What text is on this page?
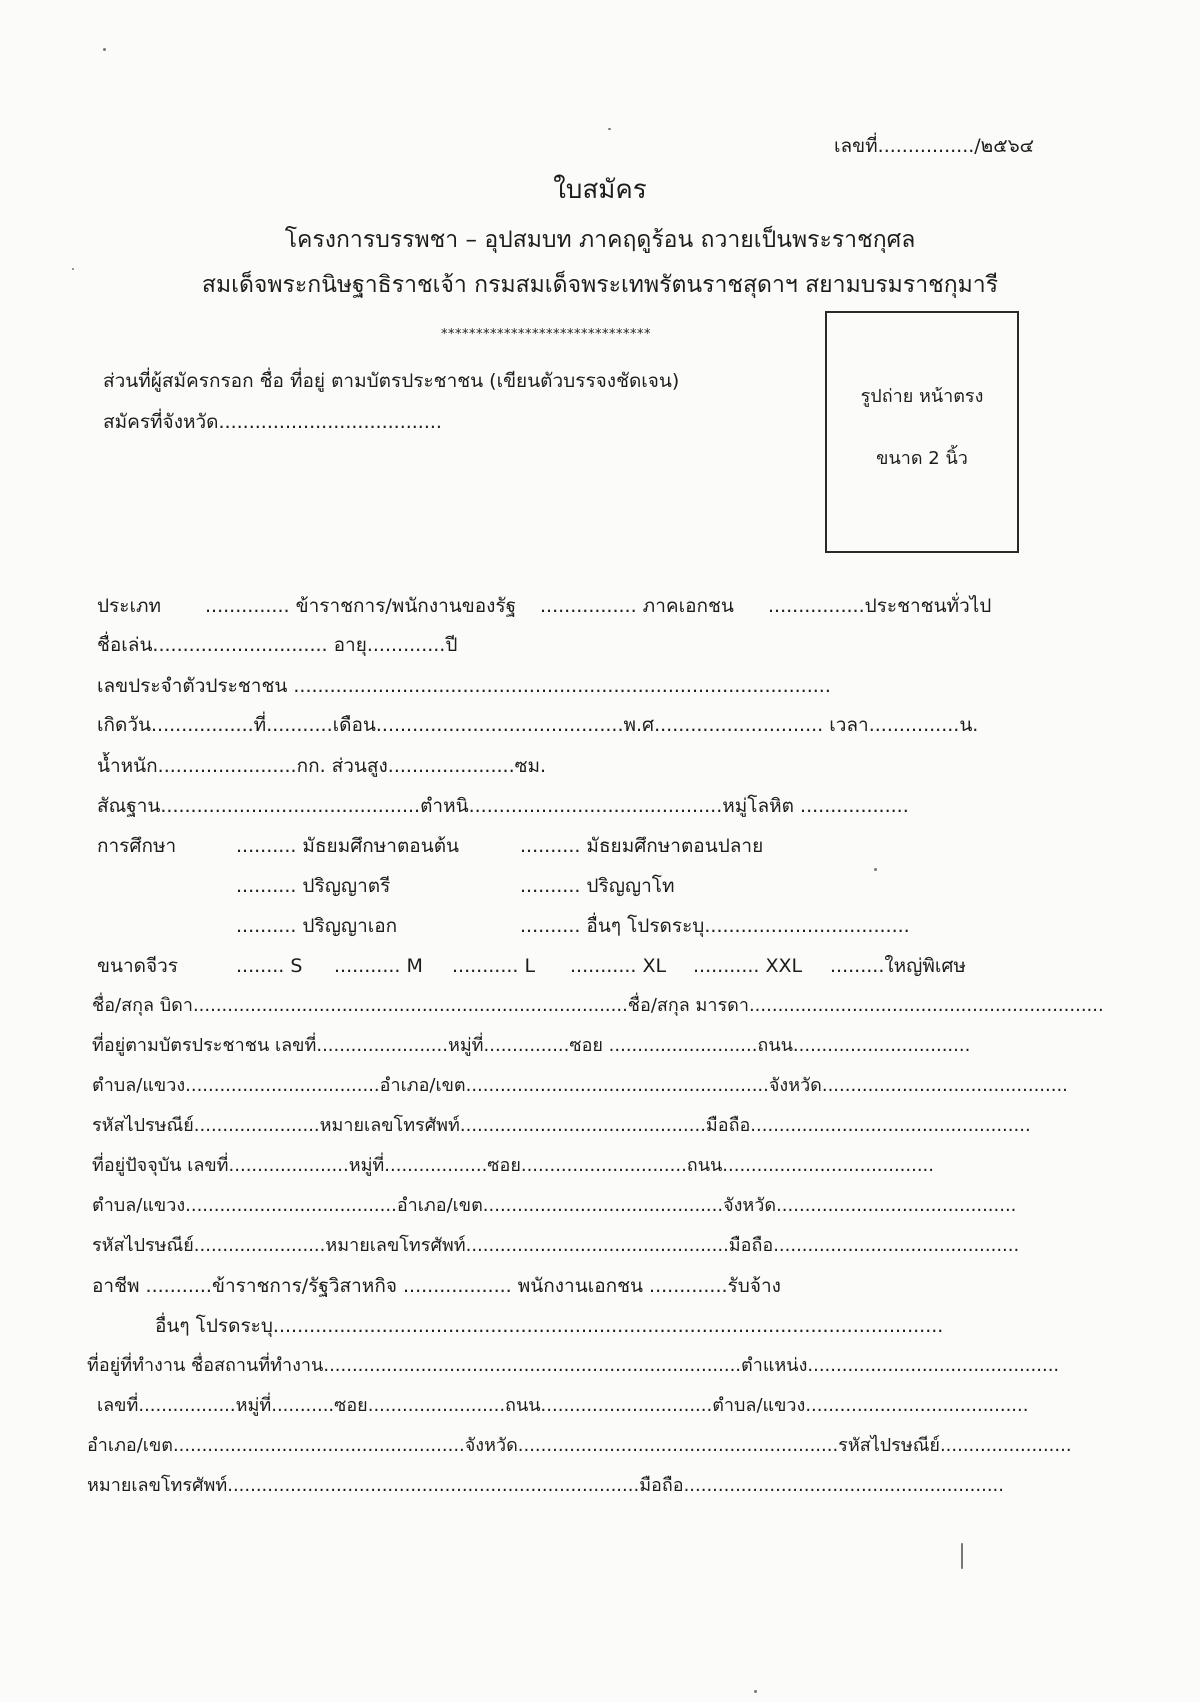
เลขที่................/๒๕๖๔
ใบสมัคร
โครงการบรรพชา – อุปสมบท ภาคฤดูร้อน ถวายเป็นพระราชกุศล
สมเด็จพระกนิษฐาธิราชเจ้า กรมสมเด็จพระเทพรัตนราชสุดาฯ สยามบรมราชกุมารี
******************************
ส่วนที่ผู้สมัครกรอก ชื่อ ที่อยู่ ตามบัตรประชาชน (เขียนตัวบรรจงชัดเจน)
สมัครที่จังหวัด.....................................
รูปถ่าย หน้าตรง
ขนาด 2 นิ้ว
ประเภท .............. ข้าราชการ/พนักงานของรัฐ ................ ภาคเอกชน ................ประชาชนทั่วไป
ชื่อเล่น............................. อายุ.............ปี
เลขประจำตัวประชาชน .........................................................................................
เกิดวัน.................ที่...........เดือน.........................................พ.ศ............................ เวลา...............น.
น้ำหนัก.......................กก. ส่วนสูง.....................ซม.
สัณฐาน...........................................ตำหนิ..........................................หมู่โลหิต ..................
การศึกษา	.......... มัธยมศึกษาตอนต้น	.......... มัธยมศึกษาตอนปลาย
.......... ปริญญาตรี	.......... ปริญญาโท
.......... ปริญญาเอก	.......... อื่นๆ โปรดระบุ..................................
ขนาดจีวร	........ S ........... M ........... L ........... XL ........... XXL .........ใหญ่พิเศษ
ชื่อ/สกุล บิดา............................................................................ชื่อ/สกุล มารดา..............................................................
ที่อยู่ตามบัตรประชาชน เลขที่.......................หมู่ที่...............ซอย ..........................ถนน...............................
ตำบล/แขวง..................................อำเภอ/เขต.....................................................จังหวัด...........................................
รหัสไปรษณีย์......................หมายเลขโทรศัพท์...........................................มือถือ.................................................
ที่อยู่ปัจจุบัน เลขที่.....................หมู่ที่..................ซอย.............................ถนน.....................................
ตำบล/แขวง.....................................อำเภอ/เขต..........................................จังหวัด..........................................
รหัสไปรษณีย์.......................หมายเลขโทรศัพท์..............................................มือถือ...........................................
อาชีพ ...........ข้าราชการ/รัฐวิสาหกิจ .................. พนักงานเอกชน .............รับจ้าง
อื่นๆ โปรดระบุ...............................................................................................................
ที่อยู่ที่ทำงาน ชื่อสถานที่ทำงาน.........................................................................ตำแหน่ง............................................
เลขที่.................หมู่ที่...........ซอย........................ถนน..............................ตำบล/แขวง.......................................
อำเภอ/เขต...................................................จังหวัด........................................................รหัสไปรษณีย์.......................
หมายเลขโทรศัพท์........................................................................มือถือ........................................................
